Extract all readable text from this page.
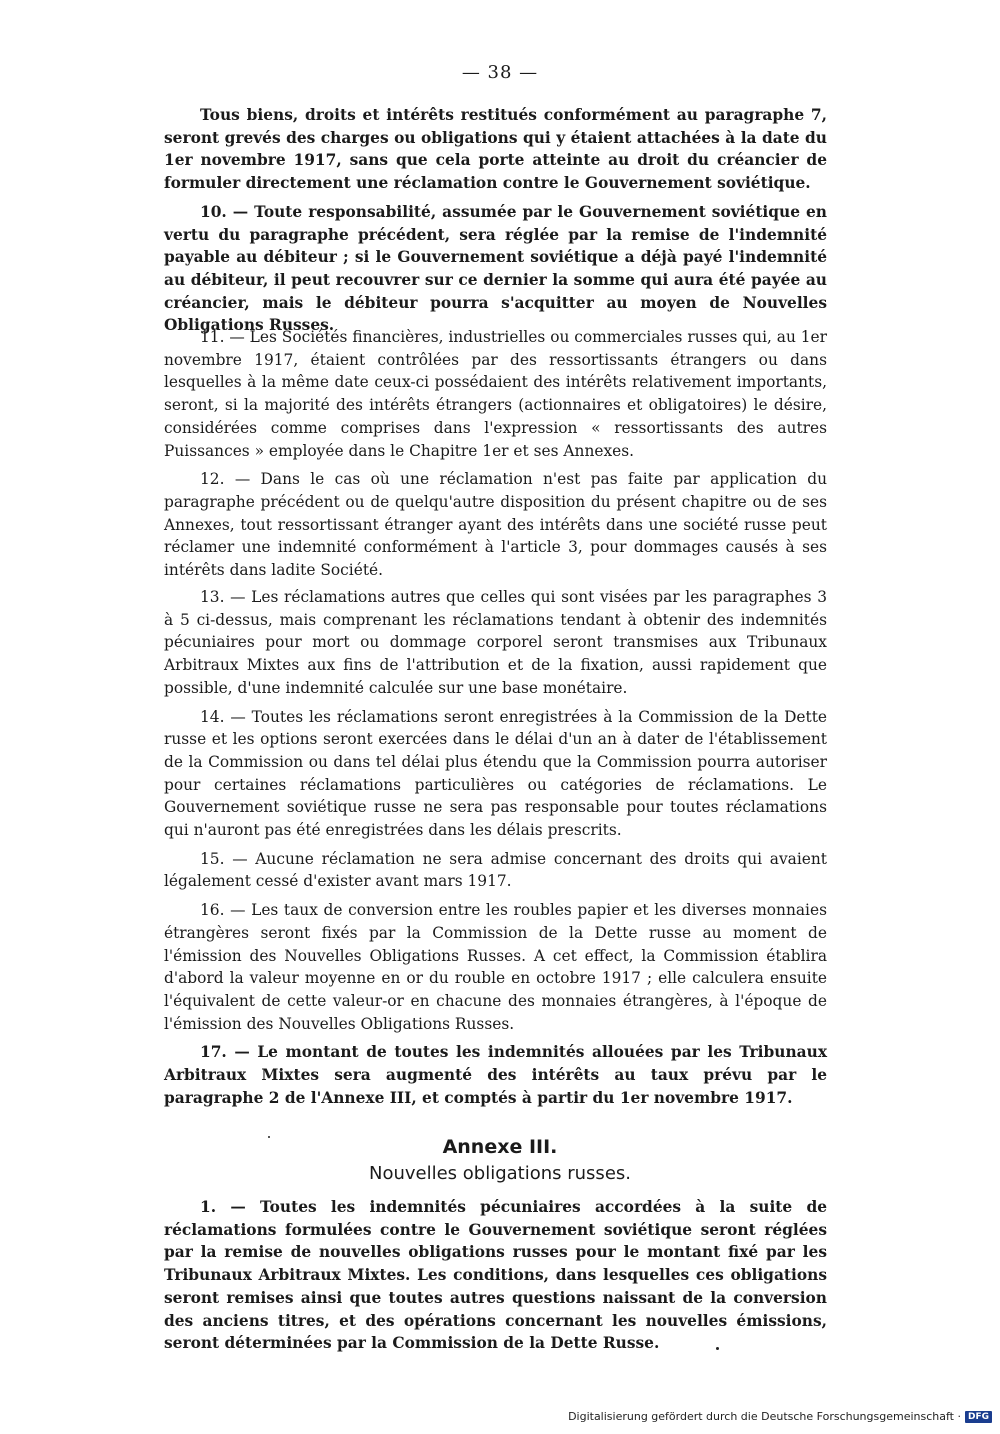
— 38 —

Tous biens, droits et intérêts restitués conformément au paragraphe 7, seront grevés des charges ou obligations qui y étaient attachées à la date du 1er novembre 1917, sans que cela porte atteinte au droit du créancier de formuler directement une réclamation contre le Gouvernement soviétique.

10. — Toute responsabilité, assumée par le Gouvernement soviétique en vertu du paragraphe précédent, sera réglée par la remise de l'indemnité payable au débiteur ; si le Gouvernement soviétique a déjà payé l'indemnité au débiteur, il peut recouvrer sur ce dernier la somme qui aura été payée au créancier, mais le débiteur pourra s'acquitter au moyen de Nouvelles Obligations Russes.

11. — Les Sociétés financières, industrielles ou commerciales russes qui, au 1er novembre 1917, étaient contrôlées par des ressortissants étrangers ou dans lesquelles à la même date ceux-ci possédaient des intérêts relativement importants, seront, si la majorité des intérêts étrangers (actionnaires et obligatoires) le désire, considérées comme comprises dans l'expression « ressortissants des autres Puissances » employée dans le Chapitre 1er et ses Annexes.

12. — Dans le cas où une réclamation n'est pas faite par application du paragraphe précédent ou de quelqu'autre disposition du présent chapitre ou de ses Annexes, tout ressortissant étranger ayant des intérêts dans une société russe peut réclamer une indemnité conformément à l'article 3, pour dommages causés à ses intérêts dans ladite Société.

13. — Les réclamations autres que celles qui sont visées par les paragraphes 3 à 5 ci-dessus, mais comprenant les réclamations tendant à obtenir des indemnités pécuniaires pour mort ou dommage corporel seront transmises aux Tribunaux Arbitraux Mixtes aux fins de l'attribution et de la fixation, aussi rapidement que possible, d'une indemnité calculée sur une base monétaire.

14. — Toutes les réclamations seront enregistrées à la Commission de la Dette russe et les options seront exercées dans le délai d'un an à dater de l'établissement de la Commission ou dans tel délai plus étendu que la Commission pourra autoriser pour certaines réclamations particulières ou catégories de réclamations. Le Gouvernement soviétique russe ne sera pas responsable pour toutes réclamations qui n'auront pas été enregistrées dans les délais prescrits.

15. — Aucune réclamation ne sera admise concernant des droits qui avaient légalement cessé d'exister avant mars 1917.

16. — Les taux de conversion entre les roubles papier et les diverses monnaies étrangères seront fixés par la Commission de la Dette russe au moment de l'émission des Nouvelles Obligations Russes. A cet effect, la Commission établira d'abord la valeur moyenne en or du rouble en octobre 1917 ; elle calculera ensuite l'équivalent de cette valeur-or en chacune des monnaies étrangères, à l'époque de l'émission des Nouvelles Obligations Russes.

17. — Le montant de toutes les indemnités allouées par les Tribunaux Arbitraux Mixtes sera augmenté des intérêts au taux prévu par le paragraphe 2 de l'Annexe III, et comptés à partir du 1er novembre 1917.

Annexe III.
Nouvelles obligations russes.

1. — Toutes les indemnités pécuniaires accordées à la suite de réclamations formulées contre le Gouvernement soviétique seront réglées par la remise de nouvelles obligations russes pour le montant fixé par les Tribunaux Arbitraux Mixtes. Les conditions, dans lesquelles ces obligations seront remises ainsi que toutes autres questions naissant de la conversion des anciens titres, et des opérations concernant les nouvelles émissions, seront déterminées par la Commission de la Dette Russe.

Digitalisierung gefördert durch die Deutsche Forschungsgemeinschaft · DFG
